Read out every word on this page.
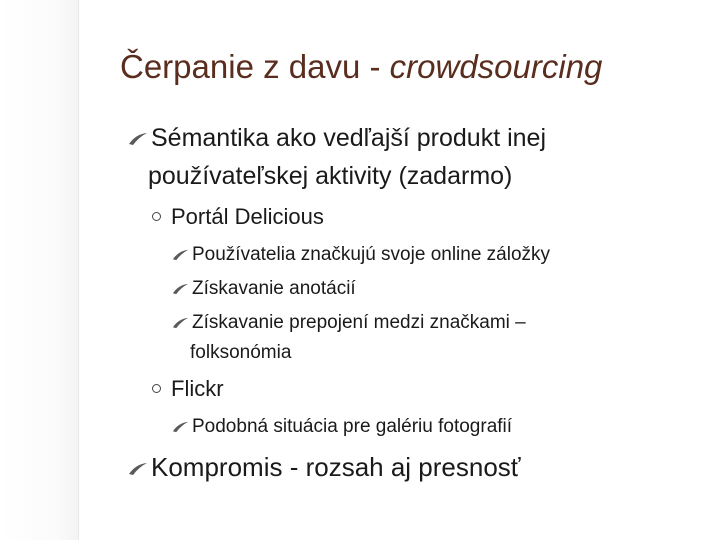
Čerpanie z davu - crowdsourcing
Sémantika ako vedľajší produkt inej
používateľskej aktivity (zadarmo)
Portál Delicious
Používatelia značkujú svoje online záložky
Získavanie anotácií
Získavanie prepojení medzi značkami –
folksonómia
Flickr
Podobná situácia pre galériu fotografií
Kompromis - rozsah aj presnosť
